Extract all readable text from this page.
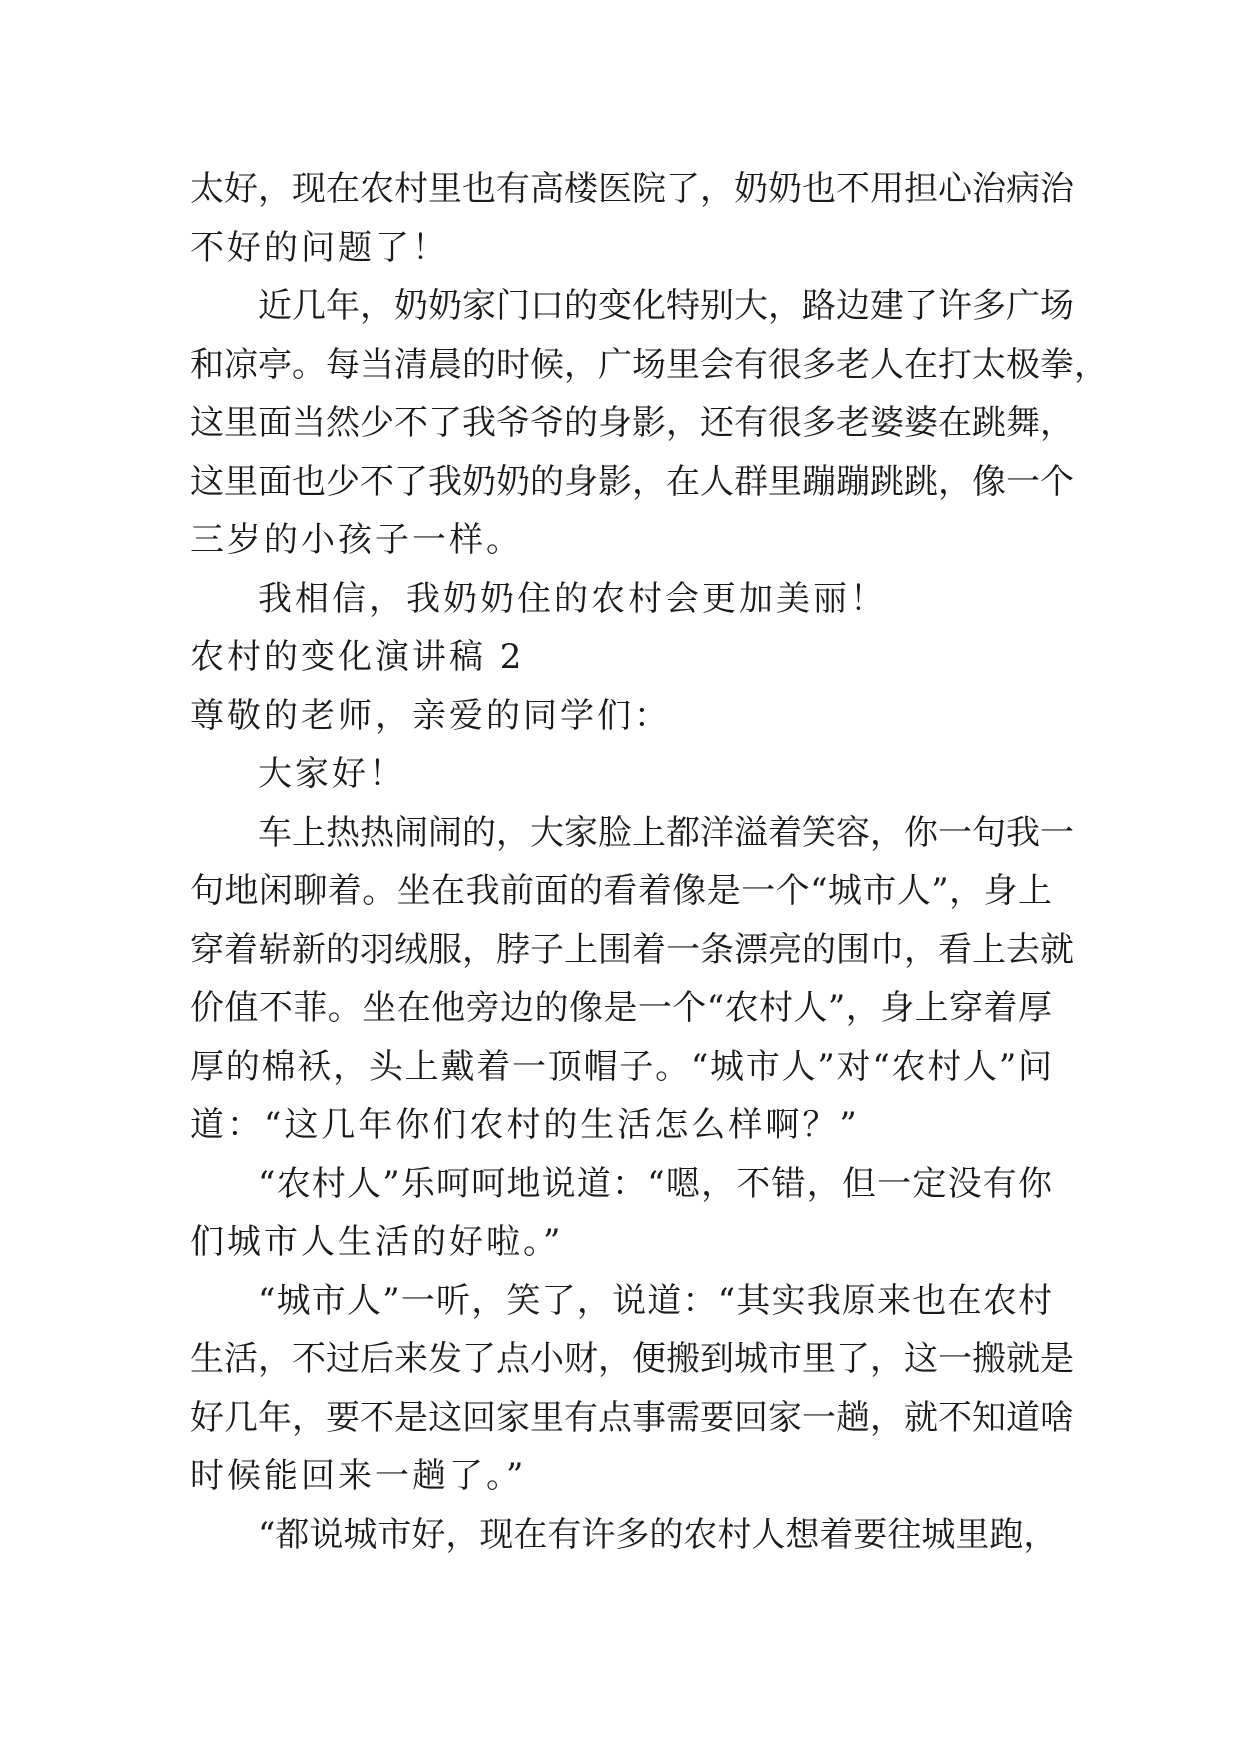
太好，现在农村里也有高楼医院了，奶奶也不用担心治病治
不好的问题了！
近几年，奶奶家门口的变化特别大，路边建了许多广场
和凉亭。每当清晨的时候，广场里会有很多老人在打太极拳，
这里面当然少不了我爷爷的身影，还有很多老婆婆在跳舞，
这里面也少不了我奶奶的身影，在人群里蹦蹦跳跳，像一个
三岁的小孩子一样。
我相信，我奶奶住的农村会更加美丽！
农村的变化演讲稿 2
尊敬的老师，亲爱的同学们：
大家好！
车上热热闹闹的，大家脸上都洋溢着笑容，你一句我一
句地闲聊着。坐在我前面的看着像是一个“城市人”，身上
穿着崭新的羽绒服，脖子上围着一条漂亮的围巾，看上去就
价值不菲。坐在他旁边的像是一个“农村人”，身上穿着厚
厚的棉袄，头上戴着一顶帽子。“城市人”对“农村人”问
道：“这几年你们农村的生活怎么样啊？”
“农村人”乐呵呵地说道：“嗯，不错，但一定没有你
们城市人生活的好啦。”
“城市人”一听，笑了，说道：“其实我原来也在农村
生活，不过后来发了点小财，便搬到城市里了，这一搬就是
好几年，要不是这回家里有点事需要回家一趟，就不知道啥
时候能回来一趟了。”
“都说城市好，现在有许多的农村人想着要往城里跑，
